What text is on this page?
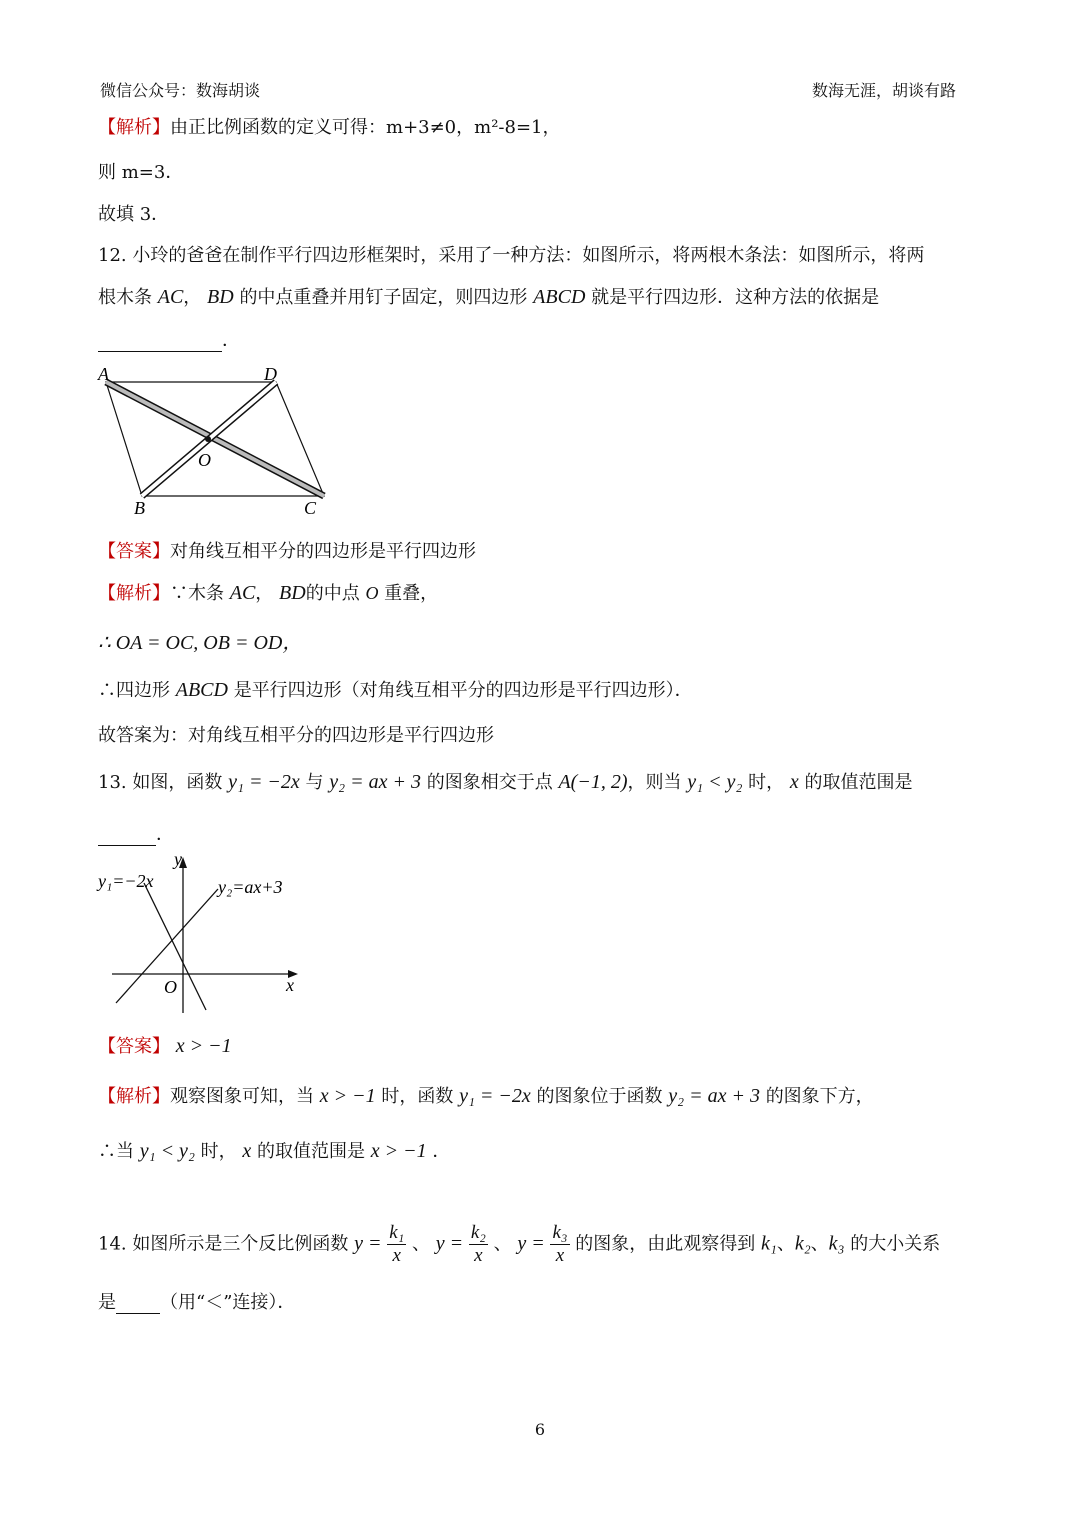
微信公众号：数海胡谈	数海无涯，胡谈有路
【解析】由正比例函数的定义可得：m+3≠0，m²-8=1，
则 m=3．
故填 3．
12. 小玲的爸爸在制作平行四边形框架时，采用了一种方法：如图所示，将两根木条法：如图所示，将两
根木条 AC， BD 的中点重叠并用钉子固定，则四边形 ABCD 就是平行四边形．这种方法的依据是
．
A	D
O
B	C
【答案】对角线互相平分的四边形是平行四边形
【解析】∵木条 AC， BD的中点 O 重叠，
∴ OA = OC, OB = OD，
∴四边形 ABCD 是平行四边形（对角线互相平分的四边形是平行四边形）．
故答案为：对角线互相平分的四边形是平行四边形
13. 如图，函数 y₁ = −2x 与 y₂ = ax + 3 的图象相交于点 A(−1, 2)，则当 y₁ < y₂ 时， x 的取值范围是
．
y
x
O
y₁=−2x	y₂=ax+3
【答案】 x > −1
【解析】观察图象可知，当 x > −1 时，函数 y₁ = −2x 的图象位于函数 y₂ = ax + 3 的图象下方，
∴当 y₁ < y₂ 时， x 的取值范围是 x > −1 ．
14. 如图所示是三个反比例函数 $y = \frac{\text{k₁}}{x}$ 、 $y = \frac{\text{k₂}}{x}$ 、 $y = \frac{\text{k₃}}{x}$ 的图象，由此观察得到 k₁、k₂、k₃ 的大小关系
是 （用“＜”连接）．
6
